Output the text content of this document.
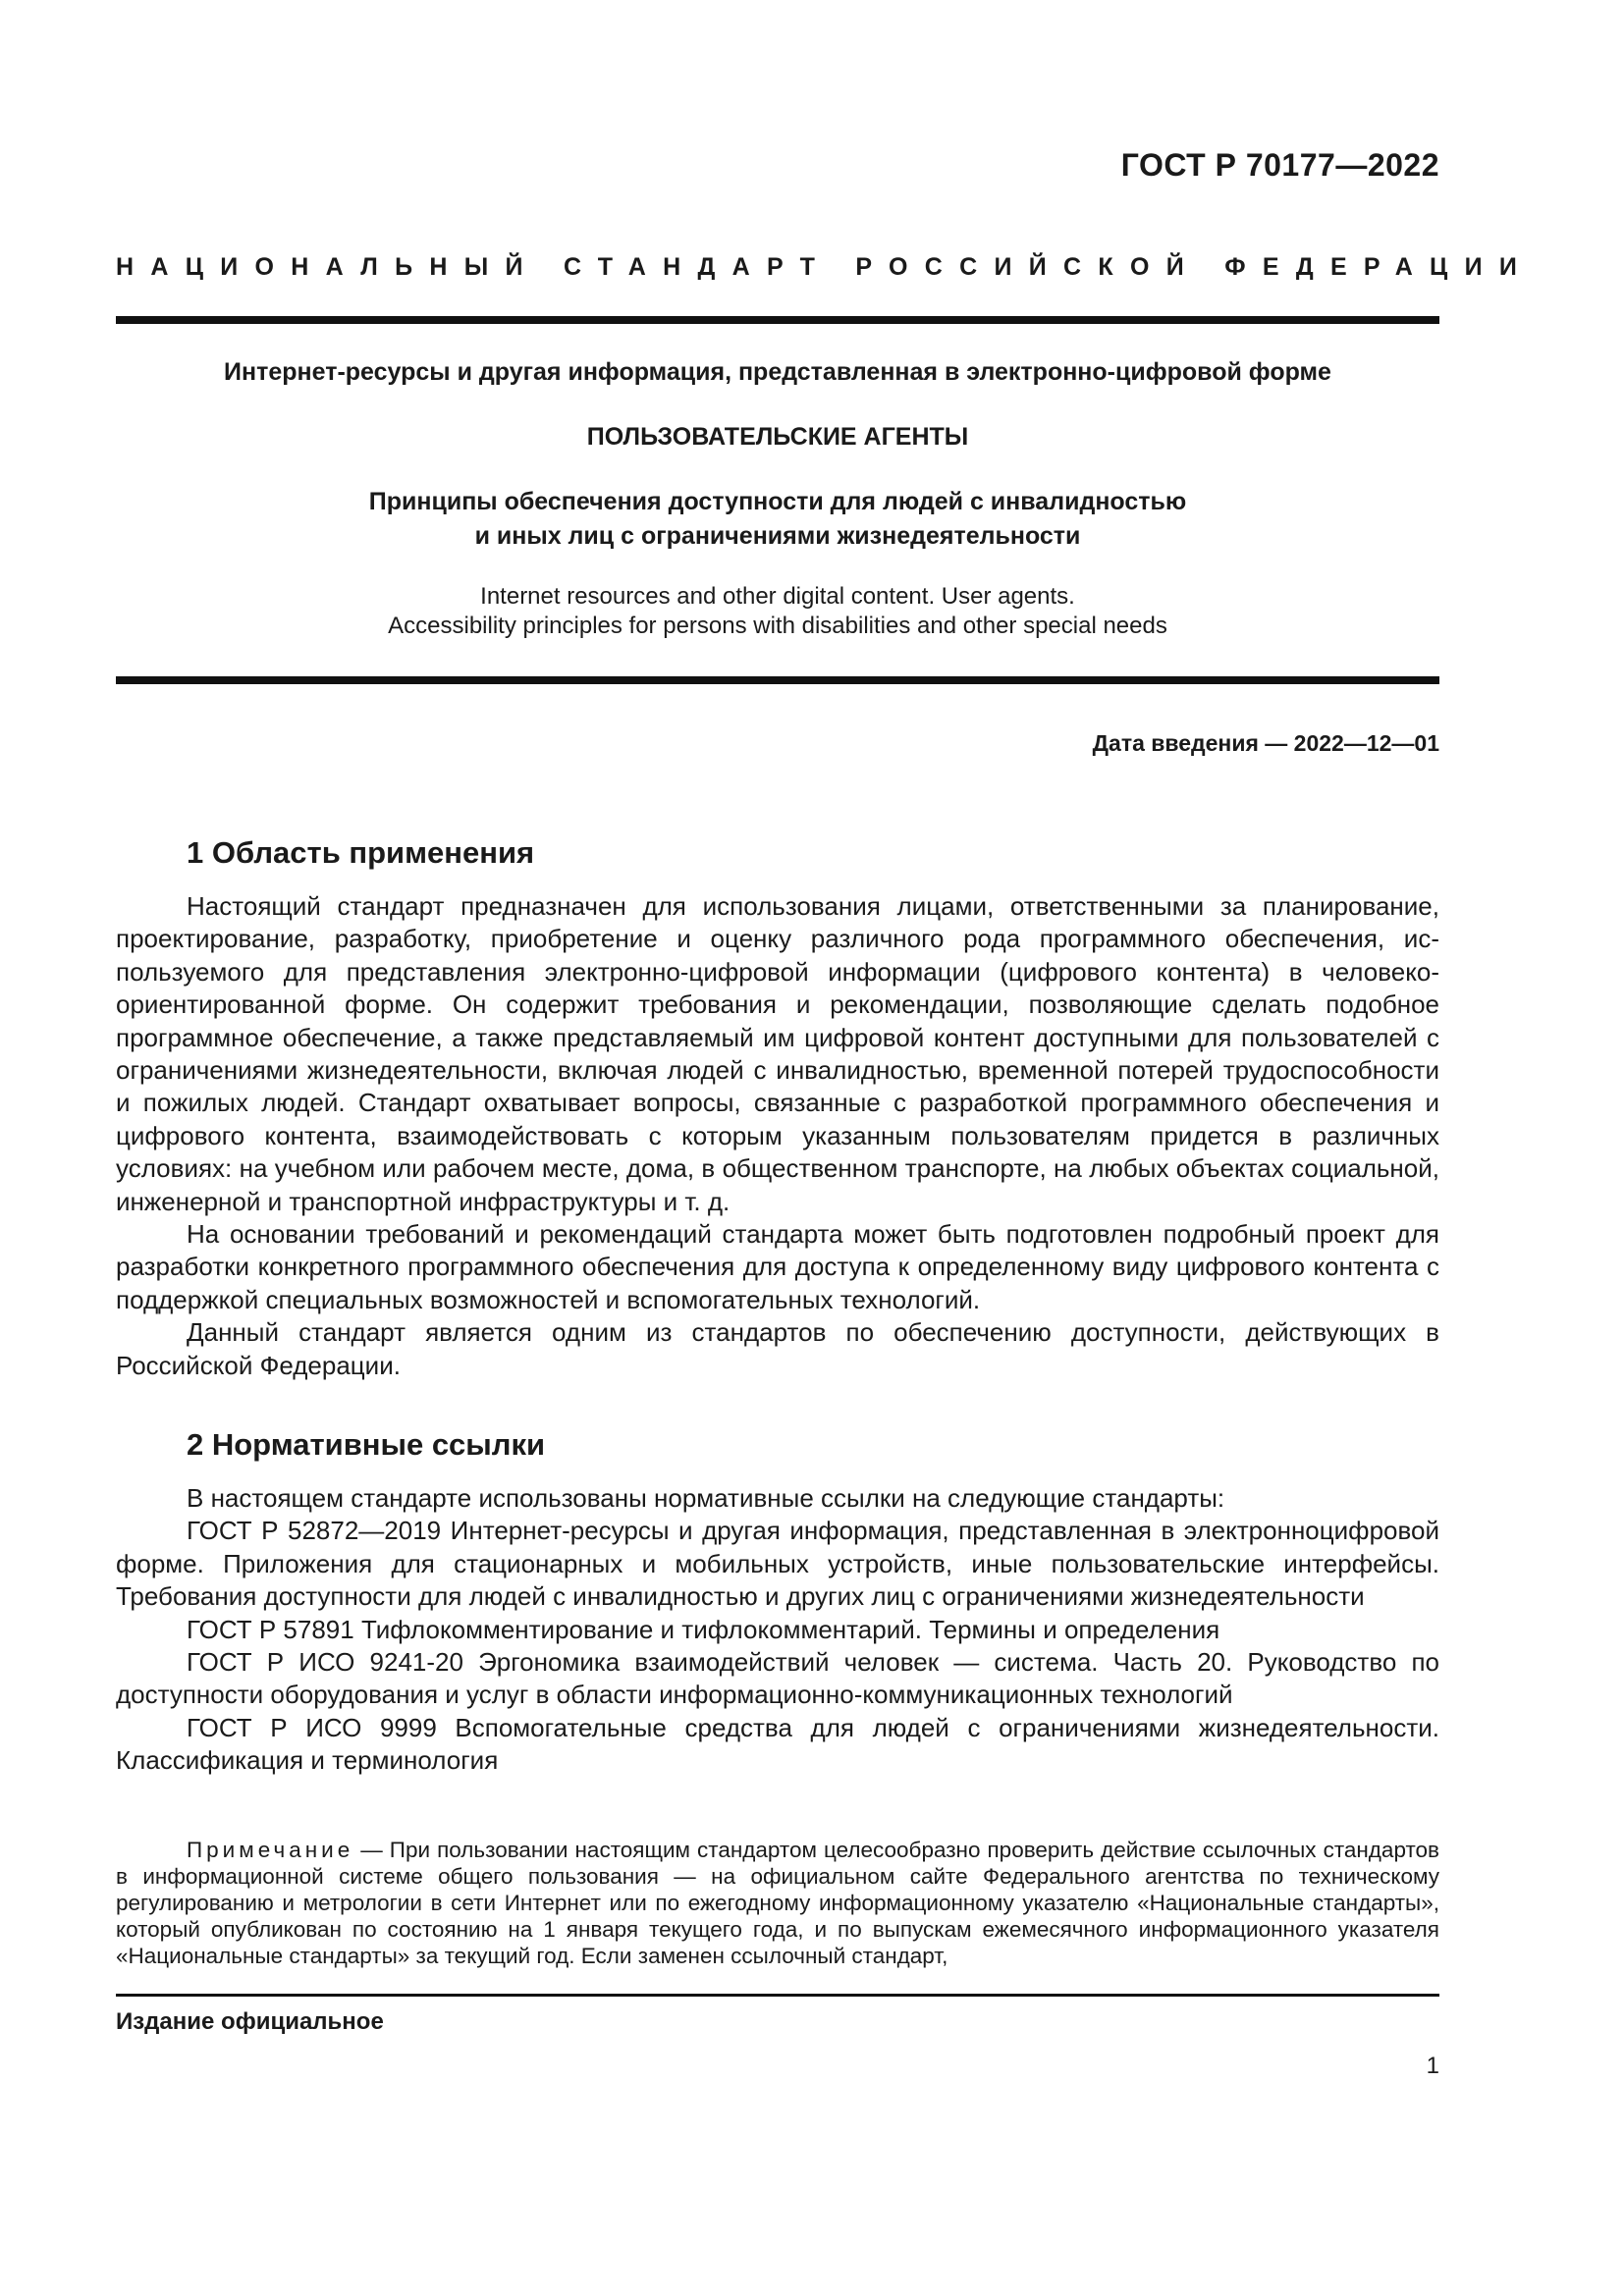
ГОСТ Р 70177—2022
НАЦИОНАЛЬНЫЙ СТАНДАРТ РОССИЙСКОЙ ФЕДЕРАЦИИ
Интернет-ресурсы и другая информация, представленная в электронно-цифровой форме
ПОЛЬЗОВАТЕЛЬСКИЕ АГЕНТЫ
Принципы обеспечения доступности для людей с инвалидностью
и иных лиц с ограничениями жизнедеятельности
Internet resources and other digital content. User agents.
Accessibility principles for persons with disabilities and other special needs
Дата введения — 2022—12—01
1 Область применения

Настоящий стандарт предназначен для использования лицами, ответственными за планирование, проектирование, разработку, приобретение и оценку различного рода программного обеспечения, используемого для представления электронно-цифровой информации (цифрового контента) в человекоориентированной форме. Он содержит требования и рекомендации, позволяющие сделать подобное программное обеспечение, а также представляемый им цифровой контент доступными для пользователей с ограничениями жизнедеятельности, включая людей с инвалидностью, временной потерей трудоспособности и пожилых людей. Стандарт охватывает вопросы, связанные с разработкой программного обеспечения и цифрового контента, взаимодействовать с которым указанным пользователям придется в различных условиях: на учебном или рабочем месте, дома, в общественном транспорте, на любых объектах социальной, инженерной и транспортной инфраструктуры и т. д.

На основании требований и рекомендаций стандарта может быть подготовлен подробный проект для разработки конкретного программного обеспечения для доступа к определенному виду цифрового контента с поддержкой специальных возможностей и вспомогательных технологий.

Данный стандарт является одним из стандартов по обеспечению доступности, действующих в Российской Федерации.

2 Нормативные ссылки

В настоящем стандарте использованы нормативные ссылки на следующие стандарты:

ГОСТ Р 52872—2019 Интернет-ресурсы и другая информация, представленная в электронноцифровой форме. Приложения для стационарных и мобильных устройств, иные пользовательские интерфейсы. Требования доступности для людей с инвалидностью и других лиц с ограничениями жизнедеятельности

ГОСТ Р 57891 Тифлокомментирование и тифлокомментарий. Термины и определения

ГОСТ Р ИСО 9241-20 Эргономика взаимодействий человек — система. Часть 20. Руководство по доступности оборудования и услуг в области информационно-коммуникационных технологий

ГОСТ Р ИСО 9999 Вспомогательные средства для людей с ограничениями жизнедеятельности. Классификация и терминология

Примечание — При пользовании настоящим стандартом целесообразно проверить действие ссылочных стандартов в информационной системе общего пользования — на официальном сайте Федерального агентства по техническому регулированию и метрологии в сети Интернет или по ежегодному информационному указателю «Национальные стандарты», который опубликован по состоянию на 1 января текущего года, и по выпускам ежемесячного информационного указателя «Национальные стандарты» за текущий год. Если заменен ссылочный стандарт,

Издание официальное
1
